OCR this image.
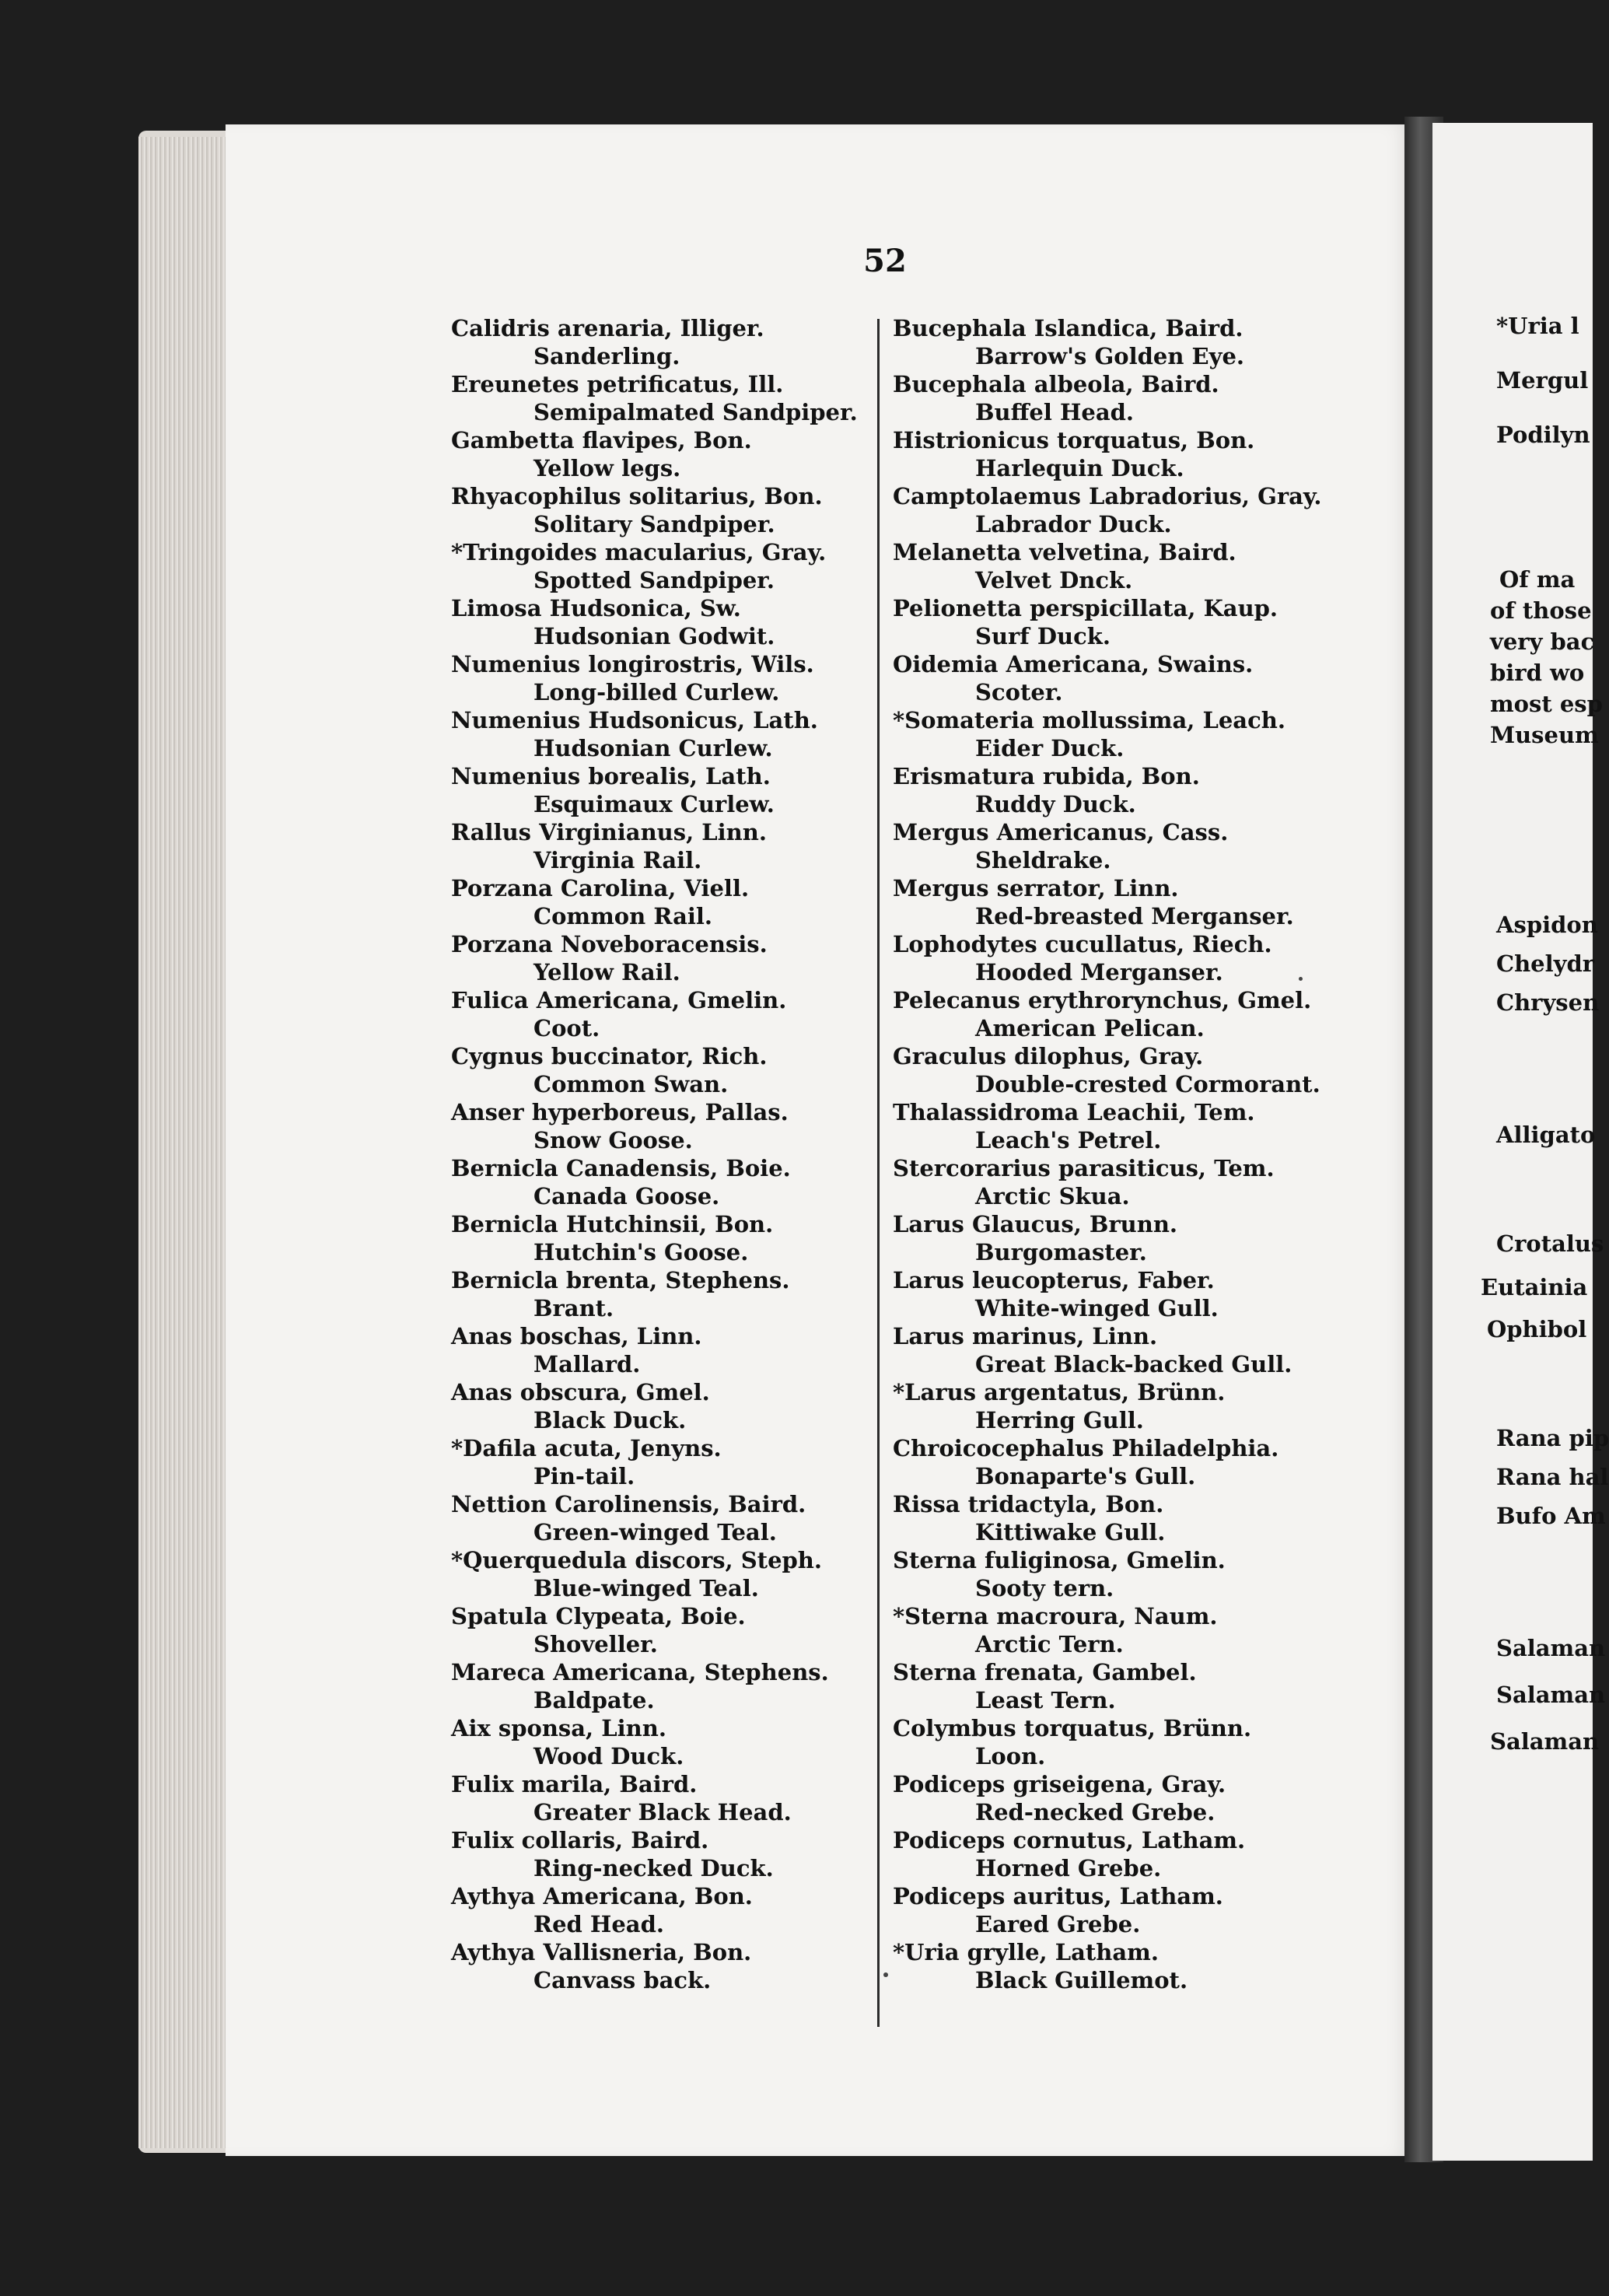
52
Calidris arenaria, Illiger.
Sanderling.
Ereunetes petrificatus, Ill.
Semipalmated Sandpiper.
Gambetta flavipes, Bon.
Yellow legs.
Rhyacophilus solitarius, Bon.
Solitary Sandpiper.
*Tringoides macularius, Gray.
Spotted Sandpiper.
Limosa Hudsonica, Sw.
Hudsonian Godwit.
Numenius longirostris, Wils.
Long-billed Curlew.
Numenius Hudsonicus, Lath.
Hudsonian Curlew.
Numenius borealis, Lath.
Esquimaux Curlew.
Rallus Virginianus, Linn.
Virginia Rail.
Porzana Carolina, Viell.
Common Rail.
Porzana Noveboracensis.
Yellow Rail.
Fulica Americana, Gmelin.
Coot.
Cygnus buccinator, Rich.
Common Swan.
Anser hyperboreus, Pallas.
Snow Goose.
Bernicla Canadensis, Boie.
Canada Goose.
Bernicla Hutchinsii, Bon.
Hutchin's Goose.
Bernicla brenta, Stephens.
Brant.
Anas boschas, Linn.
Mallard.
Anas obscura, Gmel.
Black Duck.
*Dafila acuta, Jenyns.
Pin-tail.
Nettion Carolinensis, Baird.
Green-winged Teal.
*Querquedula discors, Steph.
Blue-winged Teal.
Spatula Clypeata, Boie.
Shoveller.
Mareca Americana, Stephens.
Baldpate.
Aix sponsa, Linn.
Wood Duck.
Fulix marila, Baird.
Greater Black Head.
Fulix collaris, Baird.
Ring-necked Duck.
Aythya Americana, Bon.
Red Head.
Aythya Vallisneria, Bon.
Canvass back.
Bucephala Islandica, Baird.
Barrow's Golden Eye.
Bucephala albeola, Baird.
Buffel Head.
Histrionicus torquatus, Bon.
Harlequin Duck.
Camptolaemus Labradorius, Gray.
Labrador Duck.
Melanetta velvetina, Baird.
Velvet Dnck.
Pelionetta perspicillata, Kaup.
Surf Duck.
Oidemia Americana, Swains.
Scoter.
*Somateria mollussima, Leach.
Eider Duck.
Erismatura rubida, Bon.
Ruddy Duck.
Mergus Americanus, Cass.
Sheldrake.
Mergus serrator, Linn.
Red-breasted Merganser.
Lophodytes cucullatus, Riech.
Hooded Merganser.
Pelecanus erythrorynchus, Gmel.
American Pelican.
Graculus dilophus, Gray.
Double-crested Cormorant.
Thalassidroma Leachii, Tem.
Leach's Petrel.
Stercorarius parasiticus, Tem.
Arctic Skua.
Larus Glaucus, Brunn.
Burgomaster.
Larus leucopterus, Faber.
White-winged Gull.
Larus marinus, Linn.
Great Black-backed Gull.
*Larus argentatus, Brünn.
Herring Gull.
Chroicocephalus Philadelphia.
Bonaparte's Gull.
Rissa tridactyla, Bon.
Kittiwake Gull.
Sterna fuliginosa, Gmelin.
Sooty tern.
*Sterna macroura, Naum.
Arctic Tern.
Sterna frenata, Gambel.
Least Tern.
Colymbus torquatus, Brünn.
Loon.
Podiceps griseigena, Gray.
Red-necked Grebe.
Podiceps cornutus, Latham.
Horned Grebe.
Podiceps auritus, Latham.
Eared Grebe.
*Uria grylle, Latham.
Black Guillemot.
*Uria l
Mergul
Podilyn
Of ma
of those
very bac
bird wo
most esp
Museum
Aspidon
Chelydr
Chrysen
Alligato
Crotalus
Eutainia
Ophibol
Rana pip
Rana hal
Bufo Am
Salaman
Salaman
Salaman
